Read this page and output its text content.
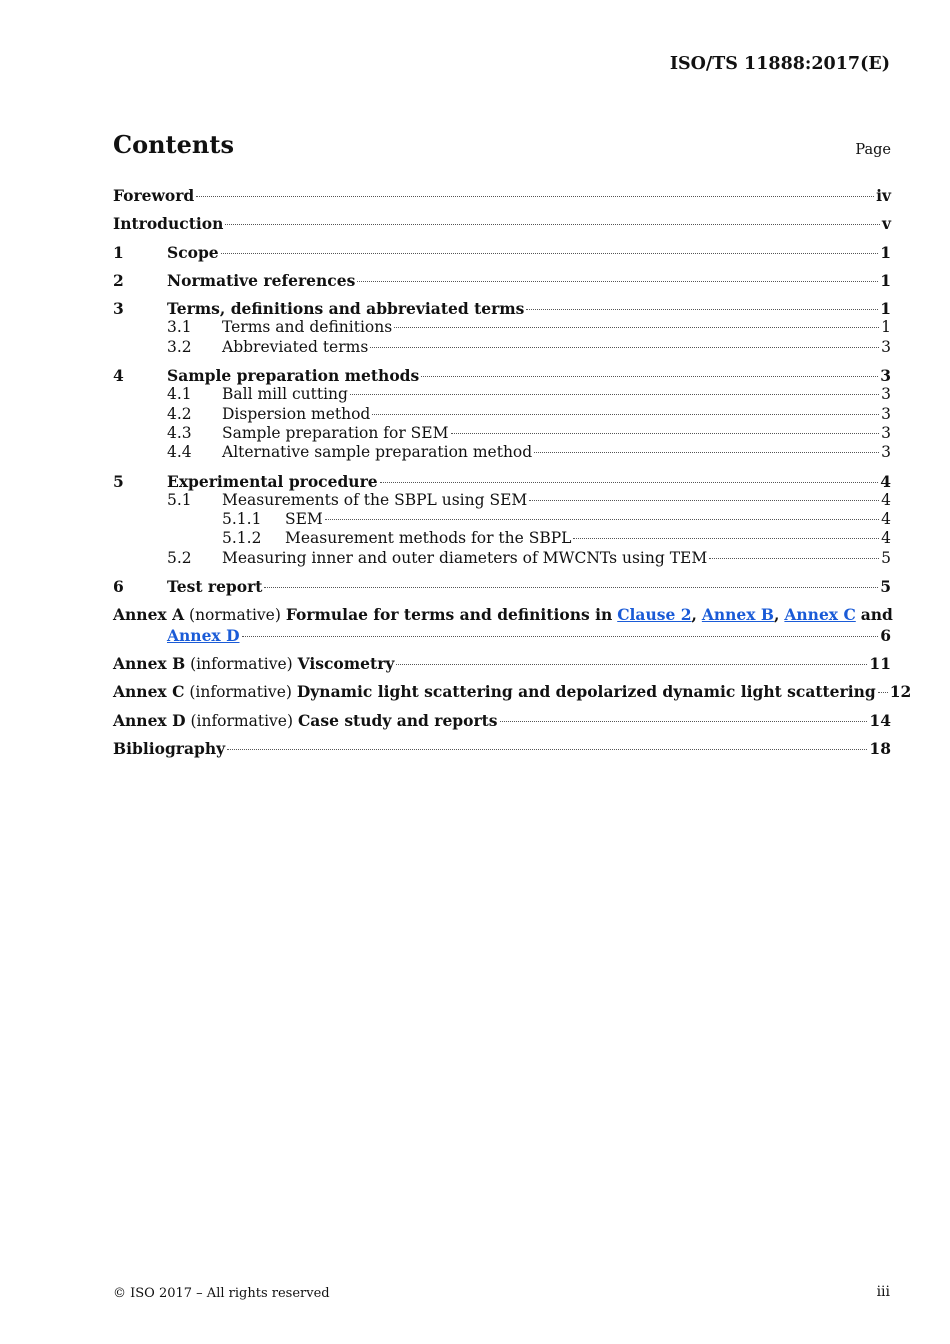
ISO/TS 11888:2017(E)
Contents	Page
Foreword	iv
Introduction	v
1	Scope	1
2	Normative references	1
3	Terms, definitions and abbreviated terms	1
3.1	Terms and definitions	1
3.2	Abbreviated terms	3
4	Sample preparation methods	3
4.1	Ball mill cutting	3
4.2	Dispersion method	3
4.3	Sample preparation for SEM	3
4.4	Alternative sample preparation method	3
5	Experimental procedure	4
5.1	Measurements of the SBPL using SEM	4
5.1.1	SEM	4
5.1.2	Measurement methods for the SBPL	4
5.2	Measuring inner and outer diameters of MWCNTs using TEM	5
6	Test report	5
Annex A (normative) Formulae for terms and definitions in Clause 2, Annex B, Annex C and
Annex D	6
Annex B (informative) Viscometry	11
Annex C (informative) Dynamic light scattering and depolarized dynamic light scattering 12
Annex D (informative) Case study and reports	14
Bibliography	18
© ISO 2017 – All rights reserved	iii
